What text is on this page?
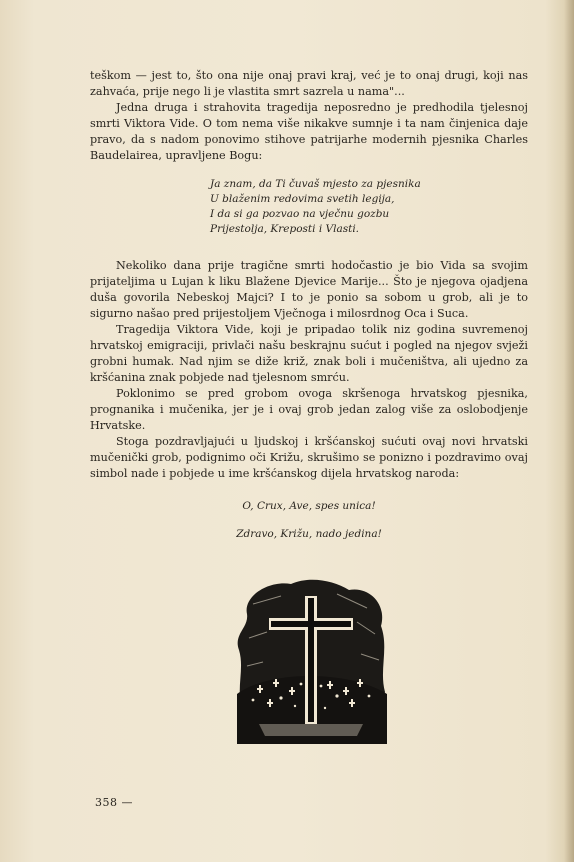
teškom — jest to, što ona nije onaj pravi kraj, već je to onaj drugi, koji nas zahvaća, prije nego li je vlastita smrt sazrela u nama"...

Jedna druga i strahovita tragedija neposredno je predhodila tjelesnoj smrti Viktora Vide. O tom nema više nikakve sumnje i ta nam činjenica daje pravo, da s nadom ponovimo stihove patrijarhe modernih pjesnika Charles Baudelairea, upravljene Bogu:

Ja znam, da Ti čuvaš mjesto za pjesnika
U blaženim redovima svetih legija,
I da si ga pozvao na vječnu gozbu
Prijestolja, Kreposti i Vlasti.

Nekoliko dana prije tragične smrti hodočastio je bio Vida sa svojim prijateljima u Lujan k liku Blažene Djevice Marije... Što je njegova ojadjena duša govorila Nebeskoj Majci? I to je ponio sa sobom u grob, ali je to sigurno našao pred prijestoljem Vječnoga i milosrdnog Oca i Suca.

Tragedija Viktora Vide, koji je pripadao tolik niz godina suvremenoj hrvatskoj emigraciji, privlači našu beskrajnu sućut i pogled na njegov svježi grobni humak. Nad njim se diže križ, znak boli i mučeništva, ali ujedno za kršćanina znak pobjede nad tjelesnom smrću.

Poklonimo se pred grobom ovoga skršenoga hrvatskog pjesnika, prognanika i mučenika, jer je i ovaj grob jedan zalog više za oslobodjenje Hrvatske.

Stoga pozdravljajući u ljudskoj i kršćanskoj sućuti ovaj novi hrvatski mučenički grob, podignimo oči Križu, skrušimo se ponizno i pozdravimo ovaj simbol nade i pobjede u ime kršćanskog dijela hrvatskog naroda:

O, Crux, Ave, spes unica!
Zdravo, Križu, nado jedina!
358 —
